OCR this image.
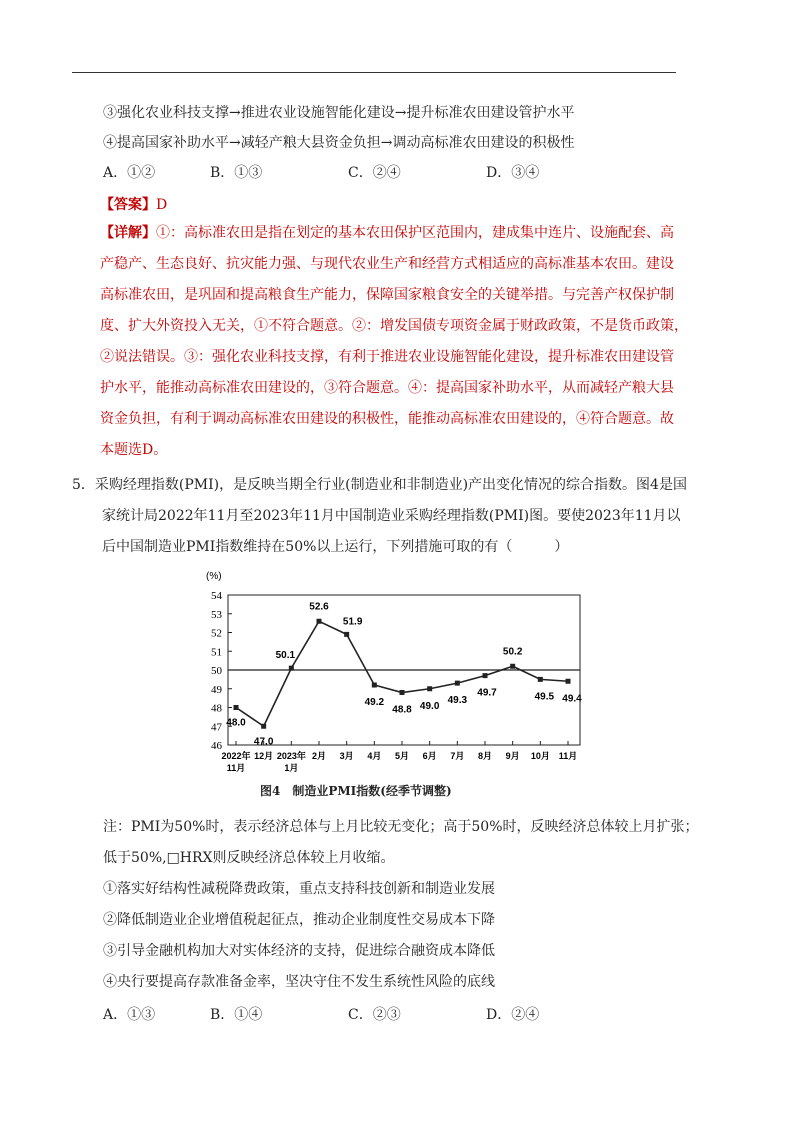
③强化农业科技支撑→推进农业设施智能化建设→提升标准农田建设管护水平
④提高国家补助水平→减轻产粮大县资金负担→调动高标准农田建设的积极性
A．①②	B．①③	C．②④	D．③④
【答案】D
【详解】①：高标准农田是指在划定的基本农田保护区范围内，建成集中连片、设施配套、高
产稳产、生态良好、抗灾能力强、与现代农业生产和经营方式相适应的高标准基本农田。建设
高标准农田，是巩固和提高粮食生产能力，保障国家粮食安全的关键举措。与完善产权保护制
度、扩大外资投入无关，①不符合题意。②：增发国债专项资金属于财政政策，不是货币政策，
②说法错误。③：强化农业科技支撑，有利于推进农业设施智能化建设，提升标准农田建设管
护水平，能推动高标准农田建设的，③符合题意。④：提高国家补助水平，从而减轻产粮大县
资金负担，有利于调动高标准农田建设的积极性，能推动高标准农田建设的，④符合题意。故
本题选D。
5．采购经理指数(PMI)，是反映当期全行业(制造业和非制造业)产出变化情况的综合指数。图4是国
家统计局2022年11月至2023年11月中国制造业采购经理指数(PMI)图。要使2023年11月以
后中国制造业PMI指数维持在50%以上运行，下列措施可取的有（　　　）
(%)
54
53
52
51
50
49
48
47
46
48.0
2022年
11月
47.0
12月
50.1
2023年
1月
52.6
2月
51.9
3月
49.2
4月
48.8
5月
49.0
6月
49.3
7月
49.7
8月
50.2
9月
49.5
10月
49.4
11月
图4　制造业PMI指数(经季节调整)
注：PMI为50%时，表示经济总体与上月比较无变化；高于50%时，反映经济总体较上月扩张；
低于50%,□HRX则反映经济总体较上月收缩。
①落实好结构性减税降费政策，重点支持科技创新和制造业发展
②降低制造业企业增值税起征点，推动企业制度性交易成本下降
③引导金融机构加大对实体经济的支持，促进综合融资成本降低
④央行要提高存款准备金率，坚决守住不发生系统性风险的底线
A．①③	B．①④	C．②③	D．②④
